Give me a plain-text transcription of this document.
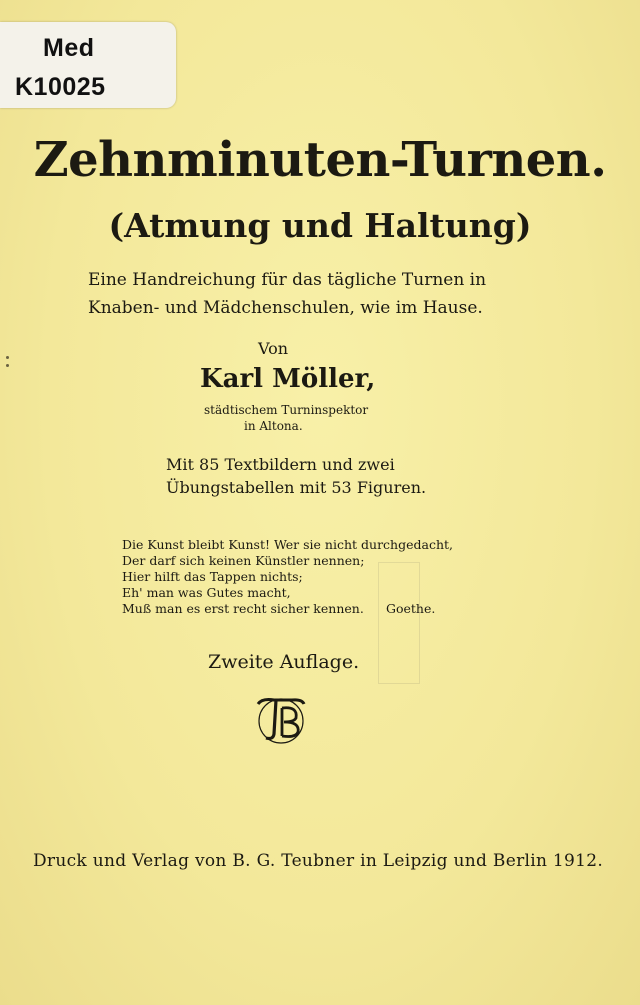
Med
K10025
Zehnminuten-Turnen.
(Atmung und Haltung)
Eine Handreichung für das tägliche Turnen in
Knaben- und Mädchenschulen, wie im Hause.
Von
Karl Möller,
städtischem Turninspektor
in Altona.
Mit 85 Textbildern und zwei
Übungstabellen mit 53 Figuren.
Die Kunst bleibt Kunst! Wer sie nicht durchgedacht,
Der darf sich keinen Künstler nennen;
Hier hilft das Tappen nichts;
Eh' man was Gutes macht,
Muß man es erst recht sicher kennen. Goethe.
Zweite Auflage.
Druck und Verlag von B. G. Teubner in Leipzig und Berlin 1912.
